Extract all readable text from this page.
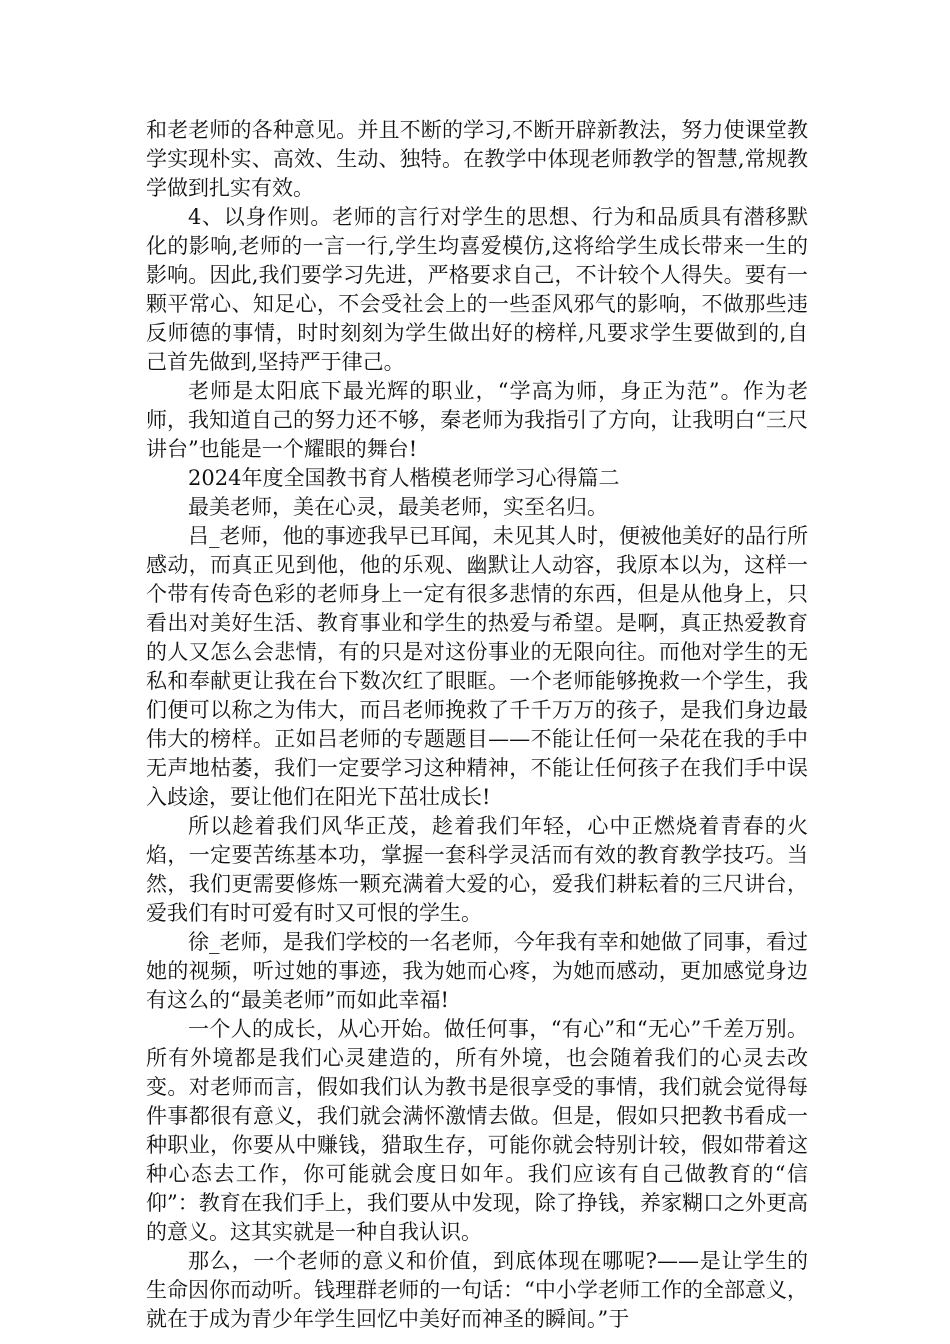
和老老师的各种意见。并且不断的学习,不断开辟新教法，努力使课堂教学实现朴实、高效、生动、独特。在教学中体现老师教学的智慧,常规教学做到扎实有效。

4、以身作则。老师的言行对学生的思想、行为和品质具有潜移默化的影响,老师的一言一行,学生均喜爱模仿,这将给学生成长带来一生的影响。因此,我们要学习先进，严格要求自己，不计较个人得失。要有一颗平常心、知足心，不会受社会上的一些歪风邪气的影响，不做那些违反师德的事情，时时刻刻为学生做出好的榜样,凡要求学生要做到的,自己首先做到,坚持严于律己。

老师是太阳底下最光辉的职业，“学高为师，身正为范”。作为老师，我知道自己的努力还不够，秦老师为我指引了方向，让我明白“三尺讲台”也能是一个耀眼的舞台!

2024年度全国教书育人楷模老师学习心得篇二

最美老师，美在心灵，最美老师，实至名归。

吕_老师，他的事迹我早已耳闻，未见其人时，便被他美好的品行所感动，而真正见到他，他的乐观、幽默让人动容，我原本以为，这样一个带有传奇色彩的老师身上一定有很多悲情的东西，但是从他身上，只看出对美好生活、教育事业和学生的热爱与希望。是啊，真正热爱教育的人又怎么会悲情，有的只是对这份事业的无限向往。而他对学生的无私和奉献更让我在台下数次红了眼眶。一个老师能够挽救一个学生，我们便可以称之为伟大，而吕老师挽救了千千万万的孩子，是我们身边最伟大的榜样。正如吕老师的专题题目——不能让任何一朵花在我的手中无声地枯萎，我们一定要学习这种精神，不能让任何孩子在我们手中误入歧途，要让他们在阳光下茁壮成长!

所以趁着我们风华正茂，趁着我们年轻，心中正燃烧着青春的火焰，一定要苦练基本功，掌握一套科学灵活而有效的教育教学技巧。当然，我们更需要修炼一颗充满着大爱的心，爱我们耕耘着的三尺讲台，爱我们有时可爱有时又可恨的学生。

徐_老师，是我们学校的一名老师，今年我有幸和她做了同事，看过她的视频，听过她的事迹，我为她而心疼，为她而感动，更加感觉身边有这么的“最美老师”而如此幸福!

一个人的成长，从心开始。做任何事，“有心”和“无心”千差万别。所有外境都是我们心灵建造的，所有外境，也会随着我们的心灵去改变。对老师而言，假如我们认为教书是很享受的事情，我们就会觉得每件事都很有意义，我们就会满怀激情去做。但是，假如只把教书看成一种职业，你要从中赚钱，猎取生存，可能你就会特别计较，假如带着这种心态去工作，你可能就会度日如年。我们应该有自己做教育的“信仰”：教育在我们手上，我们要从中发现，除了挣钱，养家糊口之外更高的意义。这其实就是一种自我认识。

那么，一个老师的意义和价值，到底体现在哪呢?——是让学生的生命因你而动听。钱理群老师的一句话：“中小学老师工作的全部意义，就在于成为青少年学生回忆中美好而神圣的瞬间。”于
